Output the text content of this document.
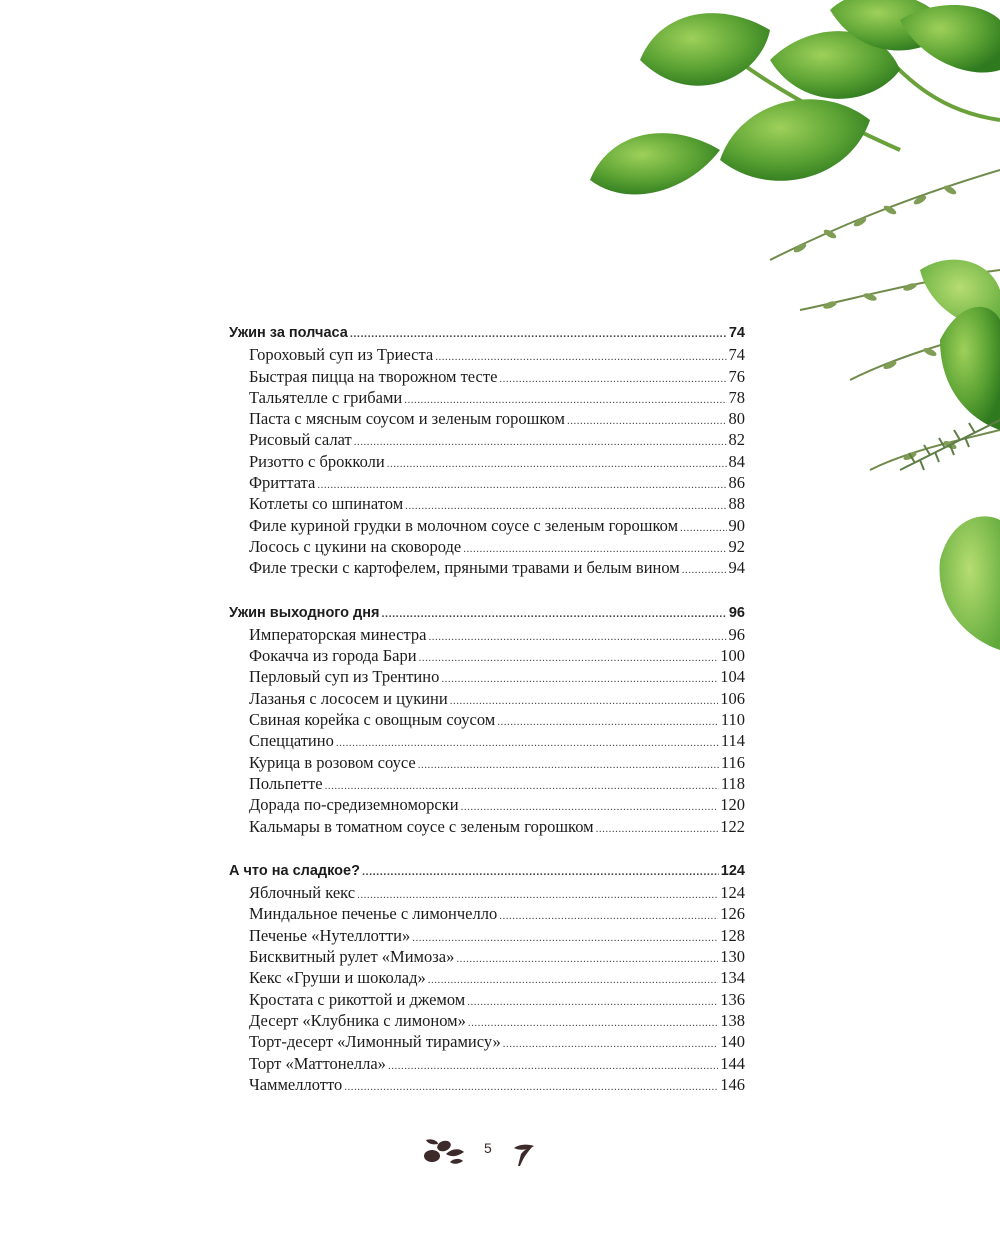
Ужин за полчаса .....	74
Гороховый суп из Триеста .....	74
Быстрая пицца на творожном тесте .....	76
Тальятелле с грибами .....	78
Паста с мясным соусом и зеленым горошком .....	80
Рисовый салат .....	82
Ризотто с брокколи .....	84
Фриттата .....	86
Котлеты со шпинатом .....	88
Филе куриной грудки в молочном соусе с зеленым горошком .....	90
Лосось с цукини на сковороде .....	92
Филе трески с картофелем, пряными травами и белым вином .....	94
Ужин выходного дня .....	96
Императорская минестра .....	96
Фокачча из города Бари .....	100
Перловый суп из Трентино .....	104
Лазанья с лососем и цукини .....	106
Свиная корейка с овощным соусом .....	110
Спеццатино .....	114
Курица в розовом соусе .....	116
Польпетте .....	118
Дорада по-средиземноморски .....	120
Кальмары в томатном соусе с зеленым горошком .....	122
А что на сладкое? .....	124
Яблочный кекс .....	124
Миндальное печенье с лимончелло .....	126
Печенье «Нутеллотти» .....	128
Бисквитный рулет «Мимоза» .....	130
Кекс «Груши и шоколад» .....	134
Кростата с рикоттой и джемом .....	136
Десерт «Клубника с лимоном» .....	138
Торт-десерт «Лимонный тирамису» .....	140
Торт «Маттонелла» .....	144
Чаммеллотто .....	146
5
